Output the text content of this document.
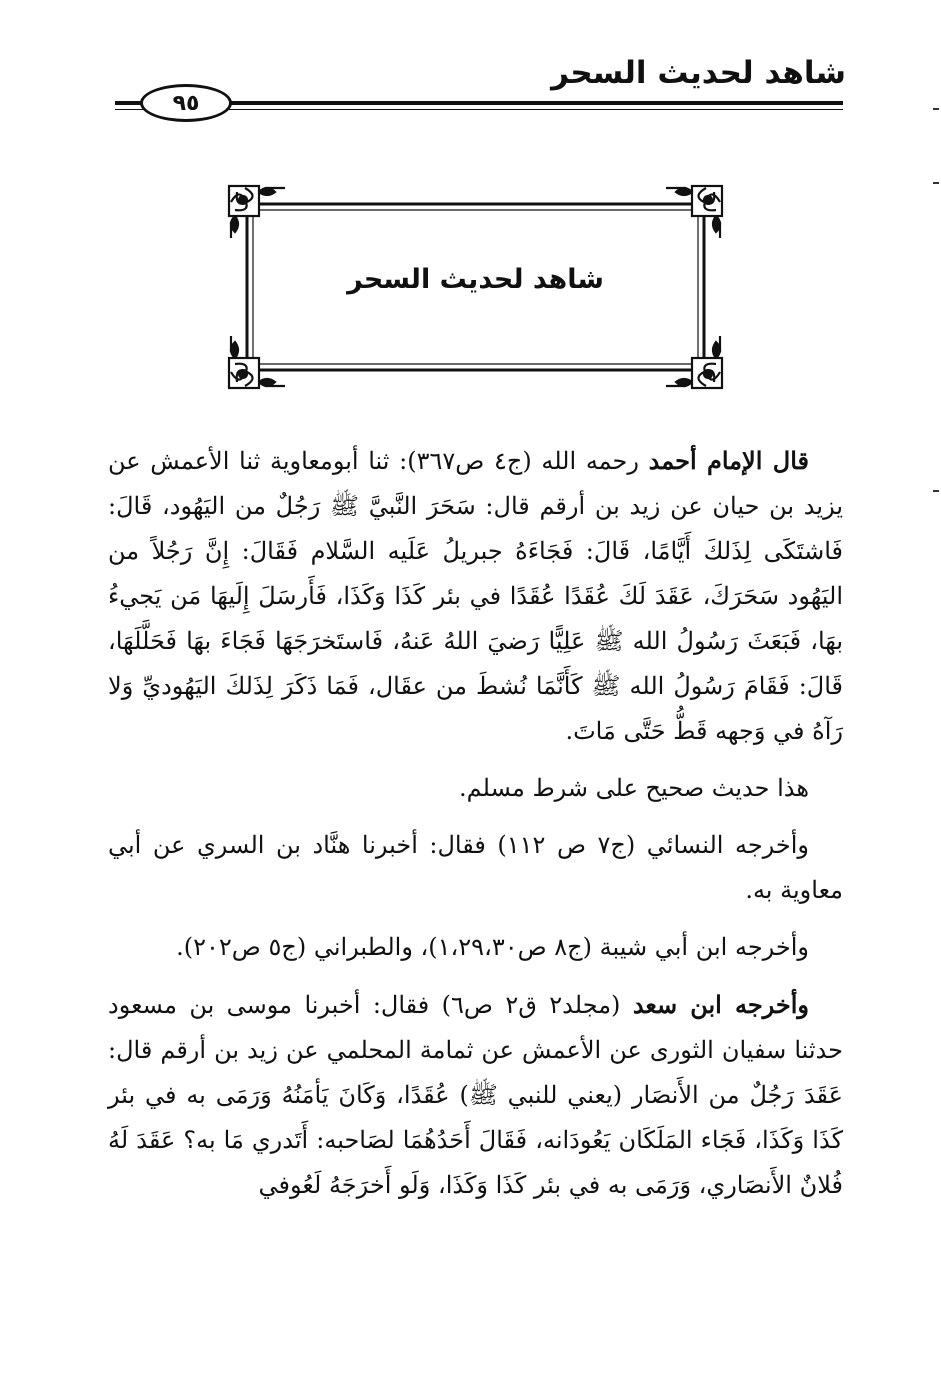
شاهد لحديث السحر
٩٥
شاهد لحديث السحر

قال الإمام أحمد رحمه الله (ج٤ ص٣٦٧): ثنا أبومعاوية ثنا الأعمش عن يزيد بن حيان عن زيد بن أرقم قال: سَحَرَ النَّبيَّ ﷺ رَجُلٌ من اليَهُود، قَالَ: فَاشتَكَى لِذَلكَ أَيَّامًا، قَالَ: فَجَاءَهُ جبريلُ عَلَيه السَّلام فَقَالَ: إِنَّ رَجُلاً من اليَهُود سَحَرَكَ، عَقَدَ لَكَ عُقَدًا عُقَدًا في بئر كَذَا وَكَذَا، فَأَرسَلَ إِلَيهَا مَن يَجيءُ بهَا، فَبَعَثَ رَسُولُ الله ﷺ عَلِيًّا رَضيَ اللهُ عَنهُ، فَاستَخرَجَهَا فَجَاءَ بهَا فَحَلَّلَهَا، قَالَ: فَقَامَ رَسُولُ الله ﷺ كَأَنَّمَا نُشطَ من عقَال، فَمَا ذَكَرَ لِذَلكَ اليَهُوديِّ وَلا رَآهُ في وَجهه قَطُّ حَتَّى مَاتَ.

هذا حديث صحيح على شرط مسلم.

وأخرجه النسائي (ج٧ ص ١١٢) فقال: أخبرنا هنَّاد بن السري عن أبي معاوية به.

وأخرجه ابن أبي شيبة (ج٨ ص١،٢٩،٣٠)، والطبراني (ج٥ ص٢٠٢).

وأخرجه ابن سعد (مجلد٢ ق٢ ص٦) فقال: أخبرنا موسى بن مسعود حدثنا سفيان الثورى عن الأعمش عن ثمامة المحلمي عن زيد بن أرقم قال: عَقَدَ رَجُلٌ من الأَنصَار (يعني للنبي ﷺ) عُقَدًا، وَكَانَ يَأمَنُهُ وَرَمَى به في بئر كَذَا وَكَذَا، فَجَاء المَلَكَان يَعُودَانه، فَقَالَ أَحَدُهُمَا لصَاحبه: أَتَدري مَا به؟ عَقَدَ لَهُ فُلانٌ الأَنصَاري، وَرَمَى به في بئر كَذَا وَكَذَا، وَلَو أَخرَجَهُ لَعُوفي
